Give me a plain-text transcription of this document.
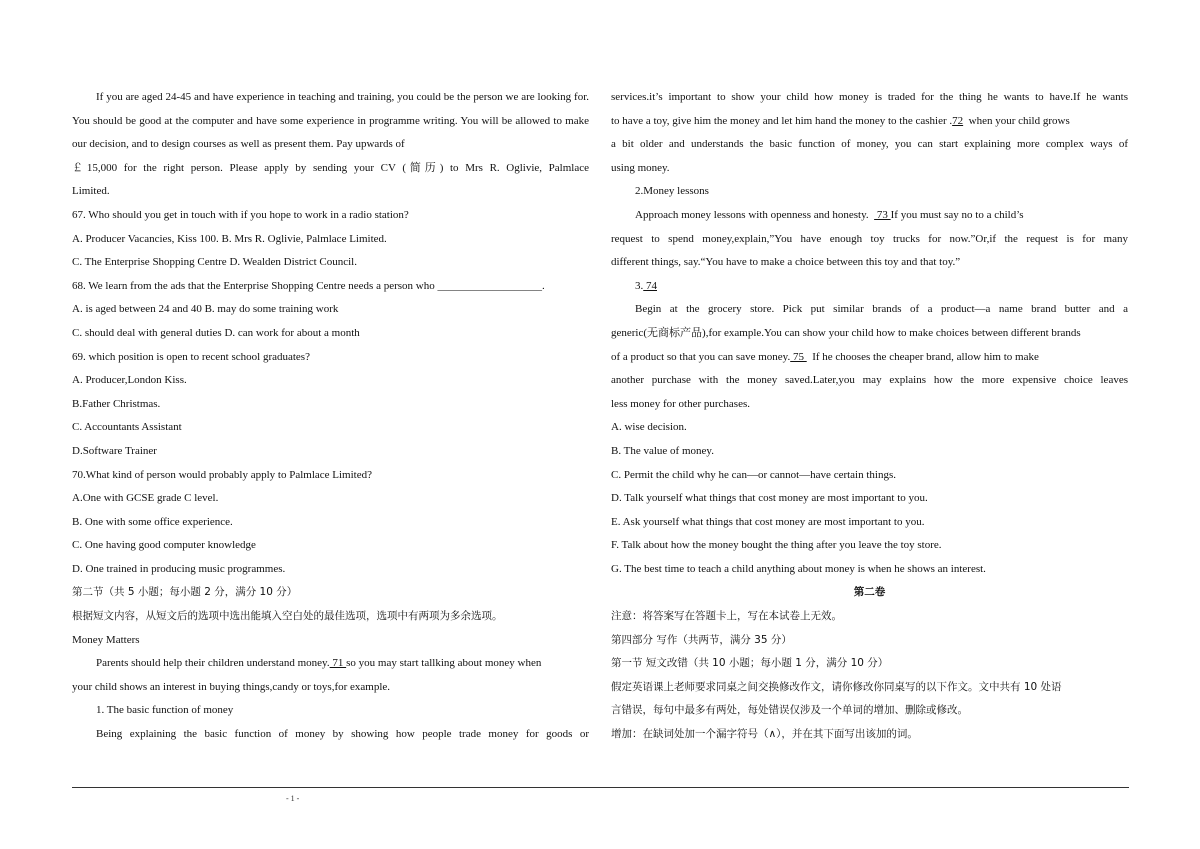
If you are aged 24-45 and have experience in teaching and training, you could be the person we are looking for. You should be good at the computer and have some experience in programme writing. You will be allowed to make our decision, and to design courses as well as present them. Pay upwards of

￡15,000 for the right person. Please apply by sending your CV (简历) to Mrs R. Oglivie, Palmlace

Limited.

67. Who should you get in touch with if you hope to work in a radio station?

A. Producer Vacancies, Kiss 100. B. Mrs R. Oglivie, Palmlace Limited.

C. The Enterprise Shopping Centre D. Wealden District Council.

68. We learn from the ads that the Enterprise Shopping Centre needs a person who ___________________.

A. is aged between 24 and 40 B. may do some training work

C. should deal with general duties D. can work for about a month

69. which position is open to recent school graduates?

A. Producer,London Kiss.

B.Father Christmas.

C. Accountants Assistant

D.Software Trainer

70.What kind of person would probably apply to Palmlace Limited?

A.One with GCSE grade C level.

B. One with some office experience.

C. One having good computer knowledge

D. One trained in producing music programmes.

第二节（共 5 小题；每小题 2 分，满分 10 分）

根据短文内容，从短文后的选项中选出能填入空白处的最佳选项，选项中有两项为多余选项。

Money Matters

Parents should help their children understand money. 71 so you may start tallking about money when

your child shows an interest in buying things,candy or toys,for example.

1. The basic function of money

Being explaining the basic function of money by showing how people trade money for goods or

services.it’s important to show your child how money is traded for the thing he wants to have.If he wants

to have a toy, give him the money and let him hand the money to the cashier .72 when your child grows

a bit older and understands the basic function of money, you can start explaining more complex ways of

using money.

2.Money lessons

Approach money lessons with openness and honesty.   73 If you must say no to a child’s

request to spend money,explain,”You have enough toy trucks for now.”Or,if the request is for many

different things, say.“You have to make a choice between this toy and that toy.”

3. 74

Begin at the grocery store. Pick put similar brands of a product—a name brand butter and a

generic(无商标产品),for example.You can show your child how to make choices between different brands

of a product so that you can save money. 75   If he chooses the cheaper brand, allow him to make

another purchase with the money saved.Later,you may explains how the more expensive choice leaves

less money for other purchases.

A. wise decision.

B. The value of money.

C. Permit the child why he can—or cannot—have certain things.

D. Talk yourself what things that cost money are most important to you.

E. Ask yourself what things that cost money are most important to you.

F. Talk about how the money bought the thing after you leave the toy store.

G. The best time to teach a child anything about money is when he shows an interest.

第二卷

注意：将答案写在答题卡上，写在本试卷上无效。

第四部分 写作（共两节，满分 35 分）

第一节 短文改错（共 10 小题；每小题 1 分，满分 10 分）

假定英语课上老师要求同桌之间交换修改作文，请你修改你同桌写的以下作文。文中共有 10 处语

言错误，每句中最多有两处，每处错误仅涉及一个单词的增加、删除或修改。

增加：在缺词处加一个漏字符号（∧），并在其下面写出该加的词。

- 1 -
